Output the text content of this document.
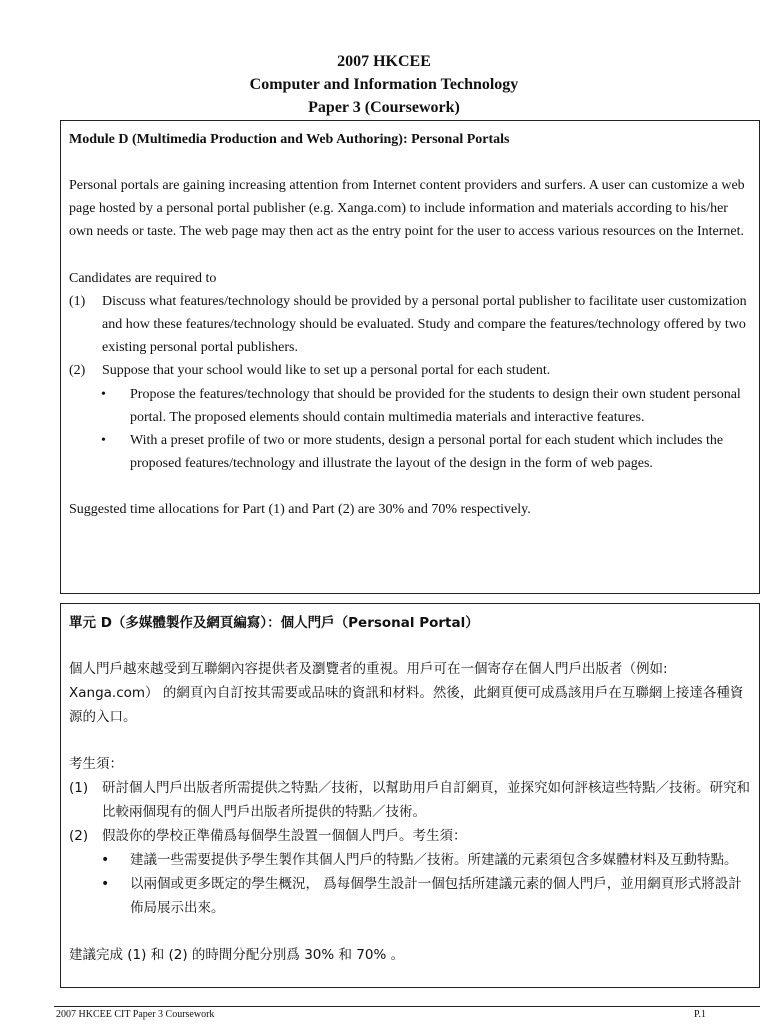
2007 HKCEE
Computer and Information Technology
Paper 3 (Coursework)
Module D (Multimedia Production and Web Authoring): Personal Portals

Personal portals are gaining increasing attention from Internet content providers and surfers. A user can customize a web page hosted by a personal portal publisher (e.g. Xanga.com) to include information and materials according to his/her own needs or taste. The web page may then act as the entry point for the user to access various resources on the Internet.

Candidates are required to

(1)	Discuss what features/technology should be provided by a personal portal publisher to facilitate user customization and how these features/technology should be evaluated. Study and compare the features/technology offered by two existing personal portal publishers.
(2)	Suppose that your school would like to set up a personal portal for each student.
•	Propose the features/technology that should be provided for the students to design their own student personal portal. The proposed elements should contain multimedia materials and interactive features.
•	With a preset profile of two or more students, design a personal portal for each student which includes the proposed features/technology and illustrate the layout of the design in the form of web pages.

Suggested time allocations for Part (1) and Part (2) are 30% and 70% respectively.

單元 D（多媒體製作及網頁編寫）：個人門戶（Personal Portal）

個人門戶越來越受到互聯網內容提供者及瀏覽者的重視。用戶可在一個寄存在個人門戶出版者（例如: Xanga.com） 的網頁內自訂按其需要或品味的資訊和材料。然後，此網頁便可成爲該用戶在互聯網上接達各種資源的入口。

考生須：

(1)	研討個人門戶出版者所需提供之特點／技術，以幫助用戶自訂網頁，並探究如何評核這些特點／技術。研究和比較兩個現有的個人門戶出版者所提供的特點／技術。
(2)	假設你的學校正準備爲每個學生設置一個個人門戶。考生須：
•	建議一些需要提供予學生製作其個人門戶的特點／技術。所建議的元素須包含多媒體材料及互動特點。
•	以兩個或更多既定的學生概況， 爲每個學生設計一個包括所建議元素的個人門戶，並用網頁形式將設計佈局展示出來。

建議完成 (1) 和 (2) 的時間分配分別爲 30% 和 70% 。

2007 HKCEE CIT Paper 3 Coursework	P.1
